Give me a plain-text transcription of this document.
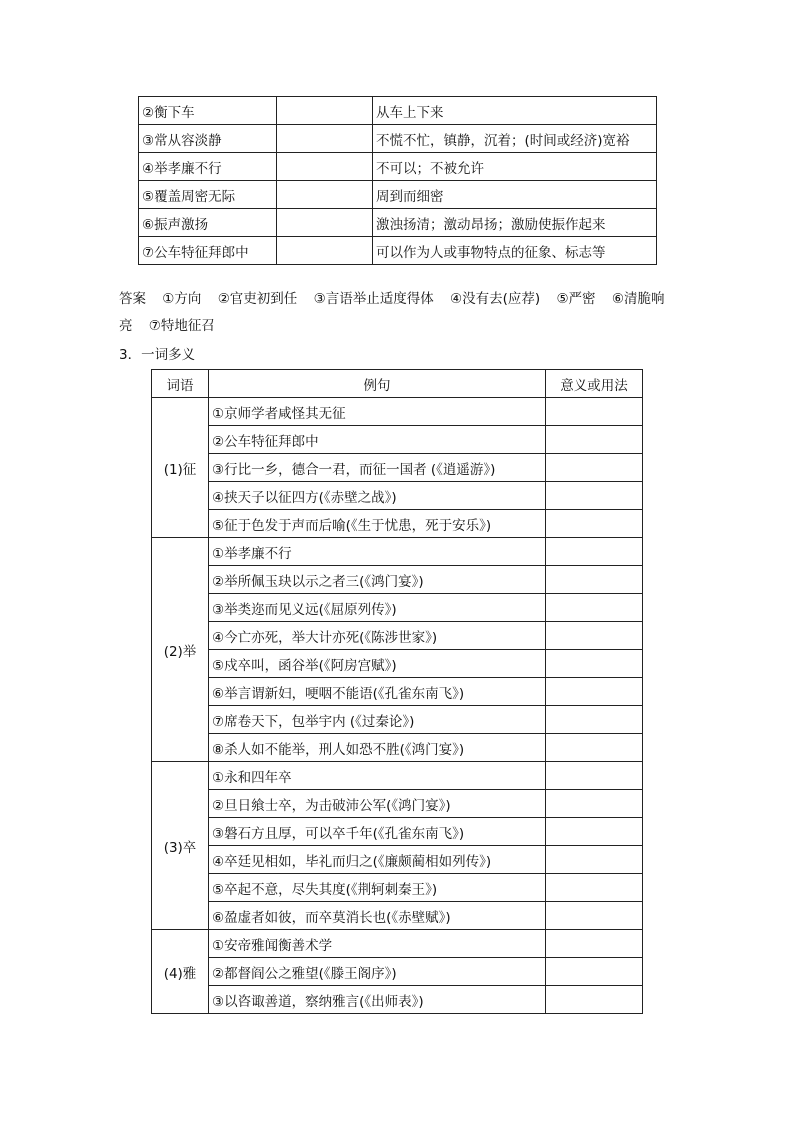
②衡下车		从车上下来
③常从容淡静		不慌不忙，镇静，沉着；(时间或经济)宽裕
④举孝廉不行		不可以；不被允许
⑤覆盖周密无际		周到而细密
⑥振声激扬		激浊扬清；激动昂扬；激励使振作起来
⑦公车特征拜郎中		可以作为人或事物特点的征象、标志等
答案 ①方向 ②官吏初到任 ③言语举止适度得体 ④没有去(应荐) ⑤严密 ⑥清脆响
亮 ⑦特地征召
3．一词多义
词语	例句	意义或用法
(1)征	①京师学者咸怪其无征	
	②公车特征拜郎中	
	③行比一乡，德合一君，而征一国者 (《逍遥游》)	
	④挟天子以征四方(《赤壁之战》)	
	⑤征于色发于声而后喻(《生于忧患，死于安乐》)	
(2)举	①举孝廉不行	
	②举所佩玉玦以示之者三(《鸿门宴》)	
	③举类迩而见义远(《屈原列传》)	
	④今亡亦死，举大计亦死(《陈涉世家》)	
	⑤戍卒叫，函谷举(《阿房宫赋》)	
	⑥举言谓新妇，哽咽不能语(《孔雀东南飞》)	
	⑦席卷天下，包举宇内 (《过秦论》)	
	⑧杀人如不能举，刑人如恐不胜(《鸿门宴》)	
(3)卒	①永和四年卒	
	②旦日飨士卒，为击破沛公军(《鸿门宴》)	
	③磐石方且厚，可以卒千年(《孔雀东南飞》)	
	④卒廷见相如，毕礼而归之(《廉颇蔺相如列传》)	
	⑤卒起不意，尽失其度(《荆轲刺秦王》)	
	⑥盈虚者如彼，而卒莫消长也(《赤壁赋》)	
(4)雅	①安帝雅闻衡善术学	
	②都督阎公之雅望(《滕王阁序》)	
	③以咨诹善道，察纳雅言(《出师表》)	
